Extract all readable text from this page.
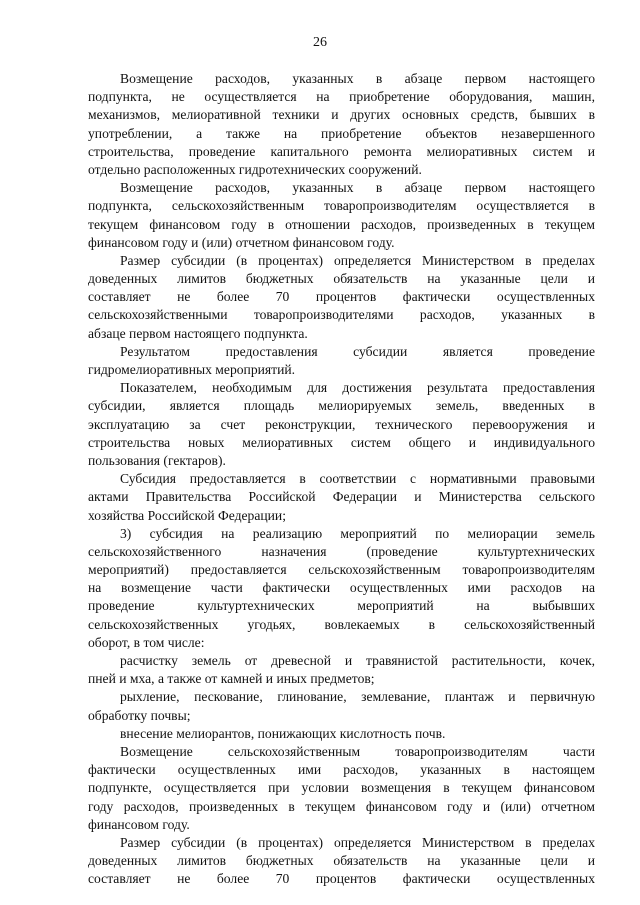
26
Возмещение расходов, указанных в абзаце первом настоящего
подпункта, не осуществляется на приобретение оборудования, машин,
механизмов, мелиоративной техники и других основных средств, бывших в
употреблении, а также на приобретение объектов незавершенного
строительства, проведение капитального ремонта мелиоративных систем и
отдельно расположенных гидротехнических сооружений.
Возмещение расходов, указанных в абзаце первом настоящего
подпункта, сельскохозяйственным товаропроизводителям осуществляется в
текущем финансовом году в отношении расходов, произведенных в текущем
финансовом году и (или) отчетном финансовом году.
Размер субсидии (в процентах) определяется Министерством в пределах
доведенных лимитов бюджетных обязательств на указанные цели и
составляет не более 70 процентов фактически осуществленных
сельскохозяйственными товаропроизводителями расходов, указанных в
абзаце первом настоящего подпункта.
Результатом предоставления субсидии является проведение
гидромелиоративных мероприятий.
Показателем, необходимым для достижения результата предоставления
субсидии, является площадь мелиорируемых земель, введенных в
эксплуатацию за счет реконструкции, технического перевооружения и
строительства новых мелиоративных систем общего и индивидуального
пользования (гектаров).
Субсидия предоставляется в соответствии с нормативными правовыми
актами Правительства Российской Федерации и Министерства сельского
хозяйства Российской Федерации;
3) субсидия на реализацию мероприятий по мелиорации земель
сельскохозяйственного назначения (проведение культуртехнических
мероприятий) предоставляется сельскохозяйственным товаропроизводителям
на возмещение части фактически осуществленных ими расходов на
проведение культуртехнических мероприятий на выбывших
сельскохозяйственных угодьях, вовлекаемых в сельскохозяйственный
оборот, в том числе:
расчистку земель от древесной и травянистой растительности, кочек,
пней и мха, а также от камней и иных предметов;
рыхление, пескование, глинование, землевание, плантаж и первичную
обработку почвы;
внесение мелиорантов, понижающих кислотность почв.
Возмещение сельскохозяйственным товаропроизводителям части
фактически осуществленных ими расходов, указанных в настоящем
подпункте, осуществляется при условии возмещения в текущем финансовом
году расходов, произведенных в текущем финансовом году и (или) отчетном
финансовом году.
Размер субсидии (в процентах) определяется Министерством в пределах
доведенных лимитов бюджетных обязательств на указанные цели и
составляет не более 70 процентов фактически осуществленных
